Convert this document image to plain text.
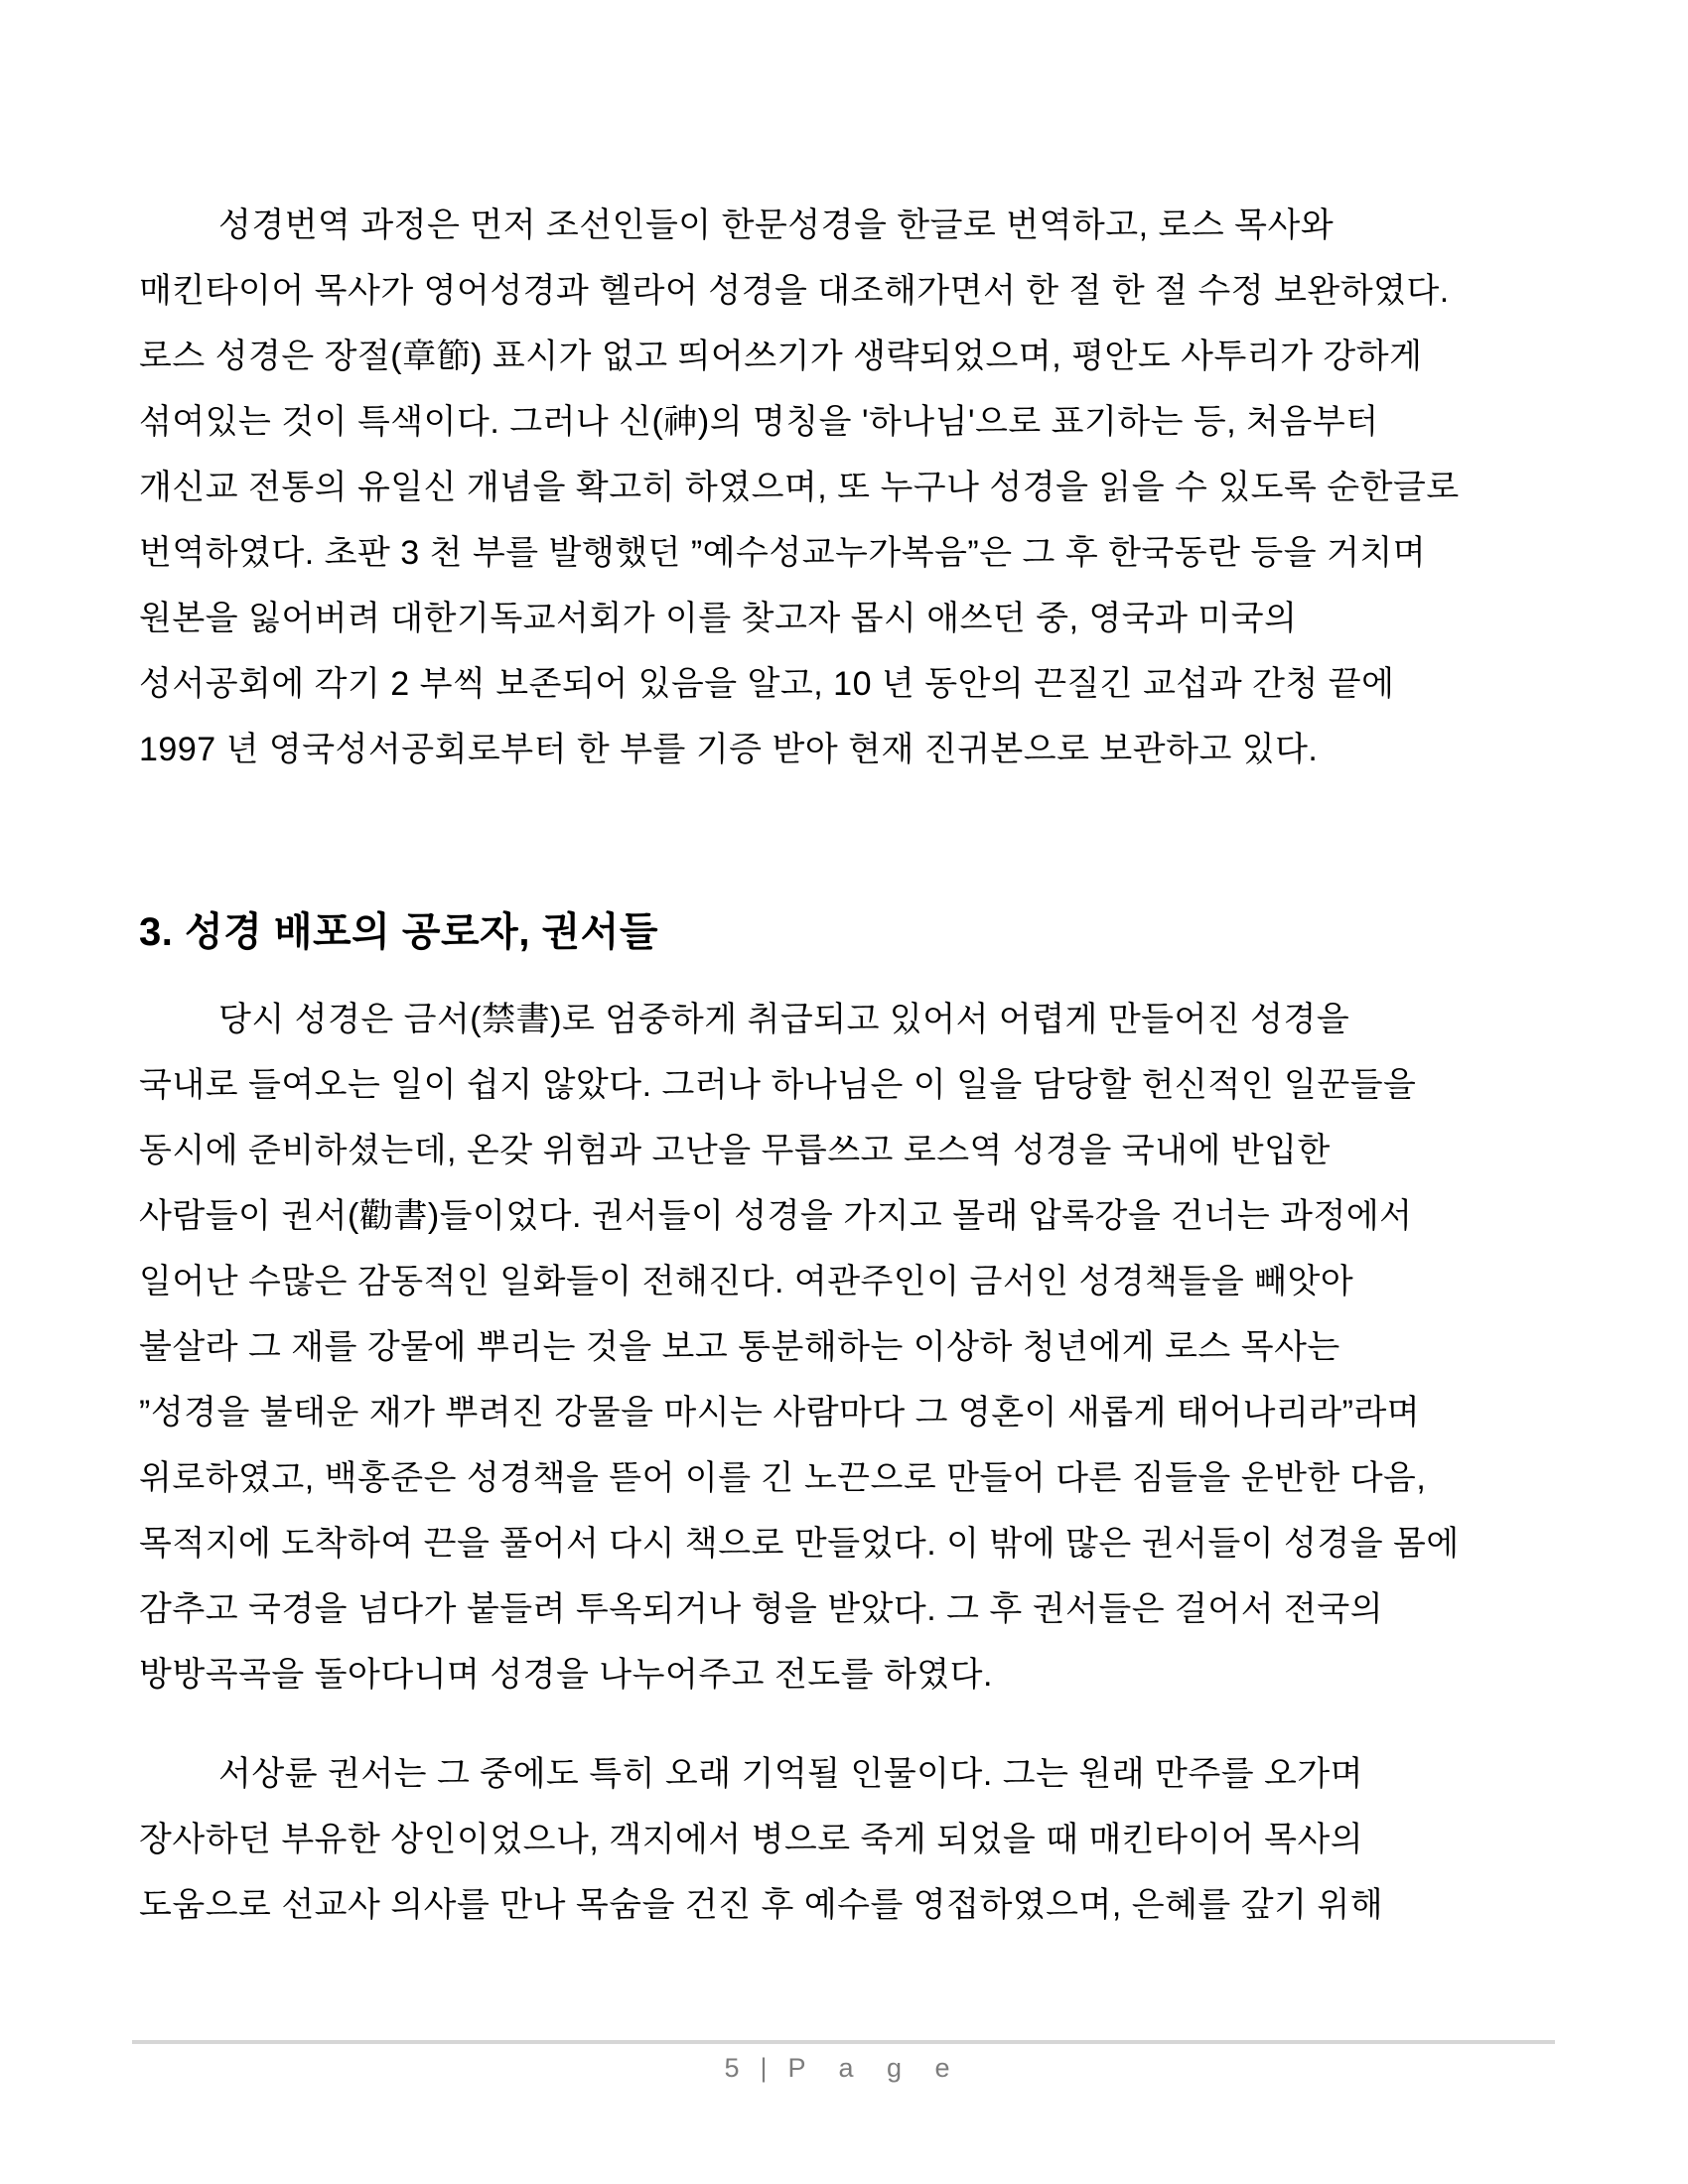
성경번역 과정은 먼저 조선인들이 한문성경을 한글로 번역하고, 로스 목사와
매킨타이어 목사가 영어성경과 헬라어 성경을 대조해가면서 한 절 한 절 수정 보완하였다.
로스 성경은 장절(章節) 표시가 없고 띄어쓰기가 생략되었으며, 평안도 사투리가 강하게
섞여있는 것이 특색이다. 그러나 신(神)의 명칭을 '하나님'으로 표기하는 등, 처음부터
개신교 전통의 유일신 개념을 확고히 하였으며, 또 누구나 성경을 읽을 수 있도록 순한글로
번역하였다. 초판 3 천 부를 발행했던 ”예수성교누가복음”은 그 후 한국동란 등을 거치며
원본을 잃어버려 대한기독교서회가 이를 찾고자 몹시 애쓰던 중, 영국과 미국의
성서공회에 각기 2 부씩 보존되어 있음을 알고, 10 년 동안의 끈질긴 교섭과 간청 끝에
1997 년 영국성서공회로부터 한 부를 기증 받아 현재 진귀본으로 보관하고 있다.

3. 성경 배포의 공로자, 권서들

당시 성경은 금서(禁書)로 엄중하게 취급되고 있어서 어렵게 만들어진 성경을
국내로 들여오는 일이 쉽지 않았다. 그러나 하나님은 이 일을 담당할 헌신적인 일꾼들을
동시에 준비하셨는데, 온갖 위험과 고난을 무릅쓰고 로스역 성경을 국내에 반입한
사람들이 권서(勸書)들이었다. 권서들이 성경을 가지고 몰래 압록강을 건너는 과정에서
일어난 수많은 감동적인 일화들이 전해진다. 여관주인이 금서인 성경책들을 빼앗아
불살라 그 재를 강물에 뿌리는 것을 보고 통분해하는 이상하 청년에게 로스 목사는
”성경을 불태운 재가 뿌려진 강물을 마시는 사람마다 그 영혼이 새롭게 태어나리라”라며
위로하였고, 백홍준은 성경책을 뜯어 이를 긴 노끈으로 만들어 다른 짐들을 운반한 다음,
목적지에 도착하여 끈을 풀어서 다시 책으로 만들었다. 이 밖에 많은 권서들이 성경을 몸에
감추고 국경을 넘다가 붙들려 투옥되거나 형을 받았다. 그 후 권서들은 걸어서 전국의
방방곡곡을 돌아다니며 성경을 나누어주고 전도를 하였다.

서상륜 권서는 그 중에도 특히 오래 기억될 인물이다. 그는 원래 만주를 오가며
장사하던 부유한 상인이었으나, 객지에서 병으로 죽게 되었을 때 매킨타이어 목사의
도움으로 선교사 의사를 만나 목숨을 건진 후 예수를 영접하였으며, 은혜를 갚기 위해

5 | P a g e
